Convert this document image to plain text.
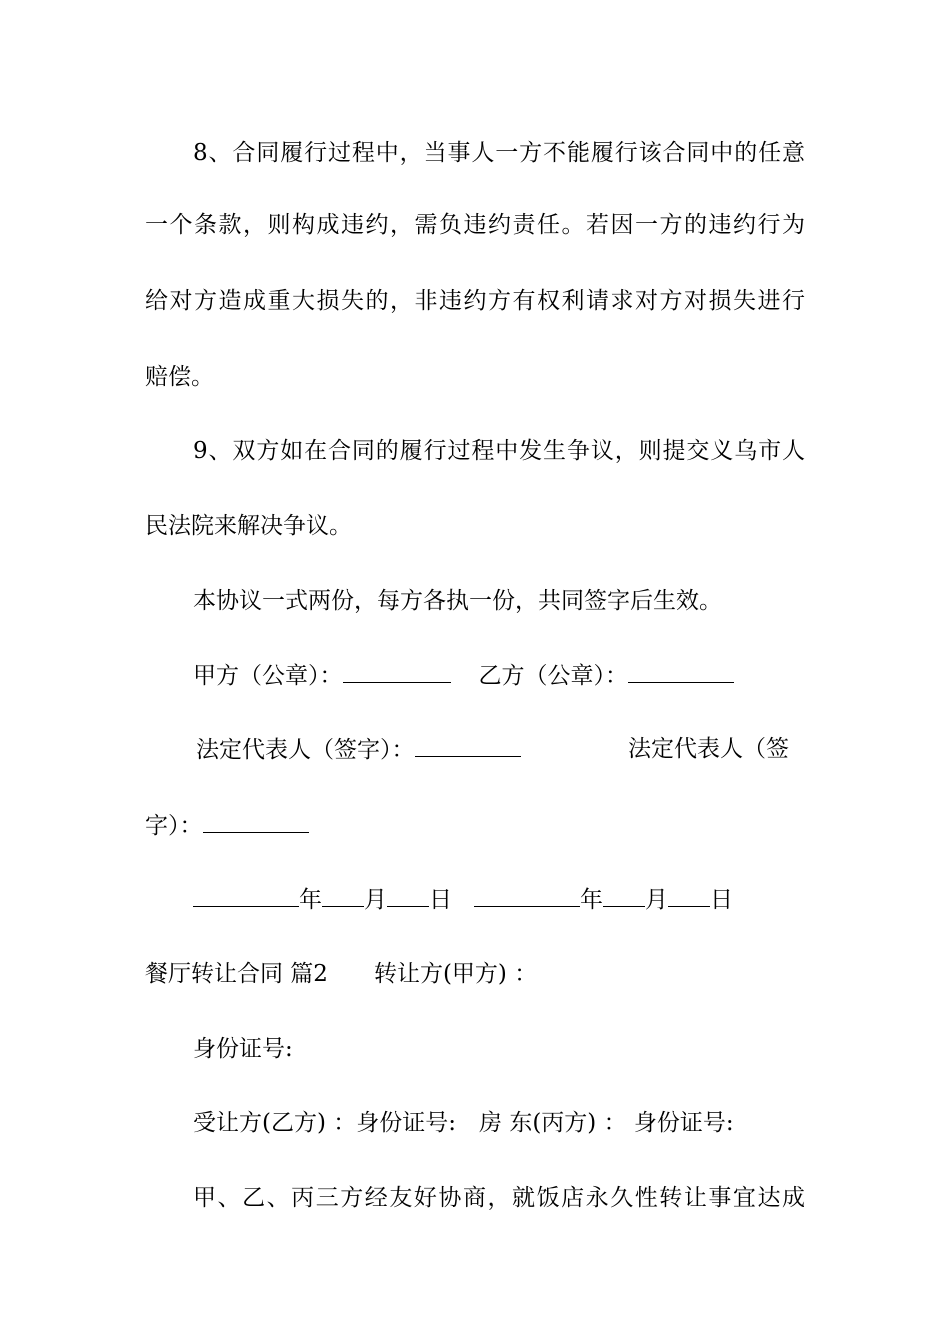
8、合同履行过程中，当事人一方不能履行该合同中的任意
一个条款，则构成违约，需负违约责任。若因一方的违约行为
给对方造成重大损失的，非违约方有权利请求对方对损失进行
赔偿。
9、双方如在合同的履行过程中发生争议，则提交义乌市人
民法院来解决争议。
本协议一式两份，每方各执一份，共同签字后生效。
甲方（公章）：	乙方（公章）：
法定代表人（签字）：	法定代表人（签
字）：
年 月 日	年 月 日
餐厅转让合同 篇2 转让方(甲方) ：
身份证号:
受让方(乙方) ：身份证号:　房 东(丙方) ： 身份证号:
甲、乙、丙三方经友好协商，就饭店永久性转让事宜达成
